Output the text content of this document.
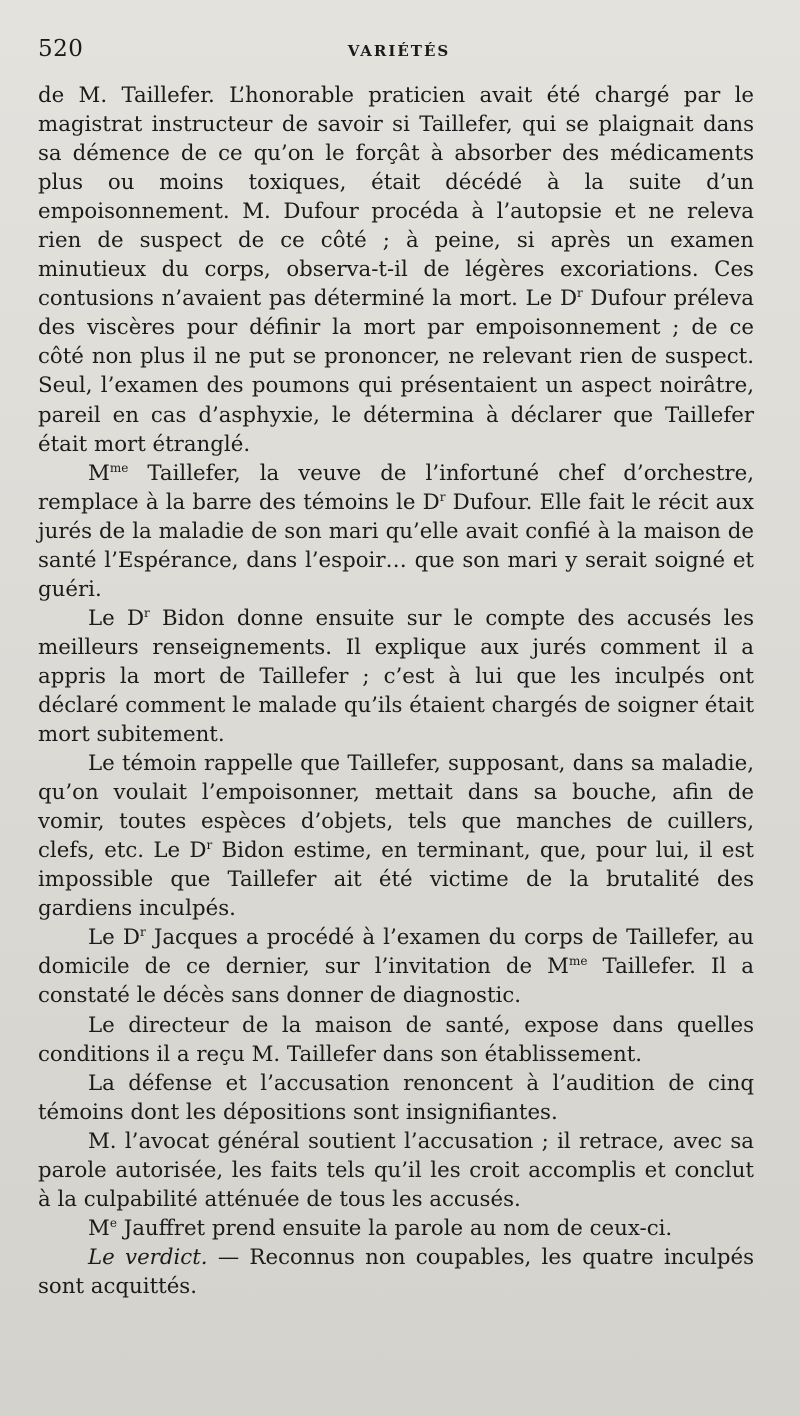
520	VARIÉTÉS

de M. Taillefer. L’honorable praticien avait été chargé par le magistrat instructeur de savoir si Taillefer, qui se plaignait dans sa démence de ce qu’on le forçât à absorber des médicaments plus ou moins toxiques, était décédé à la suite d’un empoisonnement. M. Dufour procéda à l’autopsie et ne releva rien de suspect de ce côté ; à peine, si après un examen minutieux du corps, observa-t-il de légères excoriations. Ces contusions n’avaient pas déterminé la mort. Le $D^r$ Dufour préleva des viscères pour définir la mort par empoisonnement ; de ce côté non plus il ne put se prononcer, ne relevant rien de suspect. Seul, l’examen des poumons qui présentaient un aspect noirâtre, pareil en cas d’asphyxie, le détermina à déclarer que Taillefer était mort étranglé.

$M^{me}$ Taillefer, la veuve de l’infortuné chef d’orchestre, remplace à la barre des témoins le $D^r$ Dufour. Elle fait le récit aux jurés de la maladie de son mari qu’elle avait confié à la maison de santé l’Espérance, dans l’espoir… que son mari y serait soigné et guéri.

Le $D^r$ Bidon donne ensuite sur le compte des accusés les meilleurs renseignements. Il explique aux jurés comment il a appris la mort de Taillefer ; c’est à lui que les inculpés ont déclaré comment le malade qu’ils étaient chargés de soigner était mort subitement.

Le témoin rappelle que Taillefer, supposant, dans sa maladie, qu’on voulait l’empoisonner, mettait dans sa bouche, afin de vomir, toutes espèces d’objets, tels que manches de cuillers, clefs, etc. Le $D^r$ Bidon estime, en terminant, que, pour lui, il est impossible que Taillefer ait été victime de la brutalité des gardiens inculpés.

Le $D^r$ Jacques a procédé à l’examen du corps de Taillefer, au domicile de ce dernier, sur l’invitation de $M^{me}$ Taillefer. Il a constaté le décès sans donner de diagnostic.

Le directeur de la maison de santé, expose dans quelles conditions il a reçu M. Taillefer dans son établissement.

La défense et l’accusation renoncent à l’audition de cinq témoins dont les dépositions sont insignifiantes.

M. l’avocat général soutient l’accusation ; il retrace, avec sa parole autorisée, les faits tels qu’il les croit accomplis et conclut à la culpabilité atténuée de tous les accusés.

Me Jauffret prend ensuite la parole au nom de ceux-ci.

Le verdict. — Reconnus non coupables, les quatre inculpés sont acquittés.
